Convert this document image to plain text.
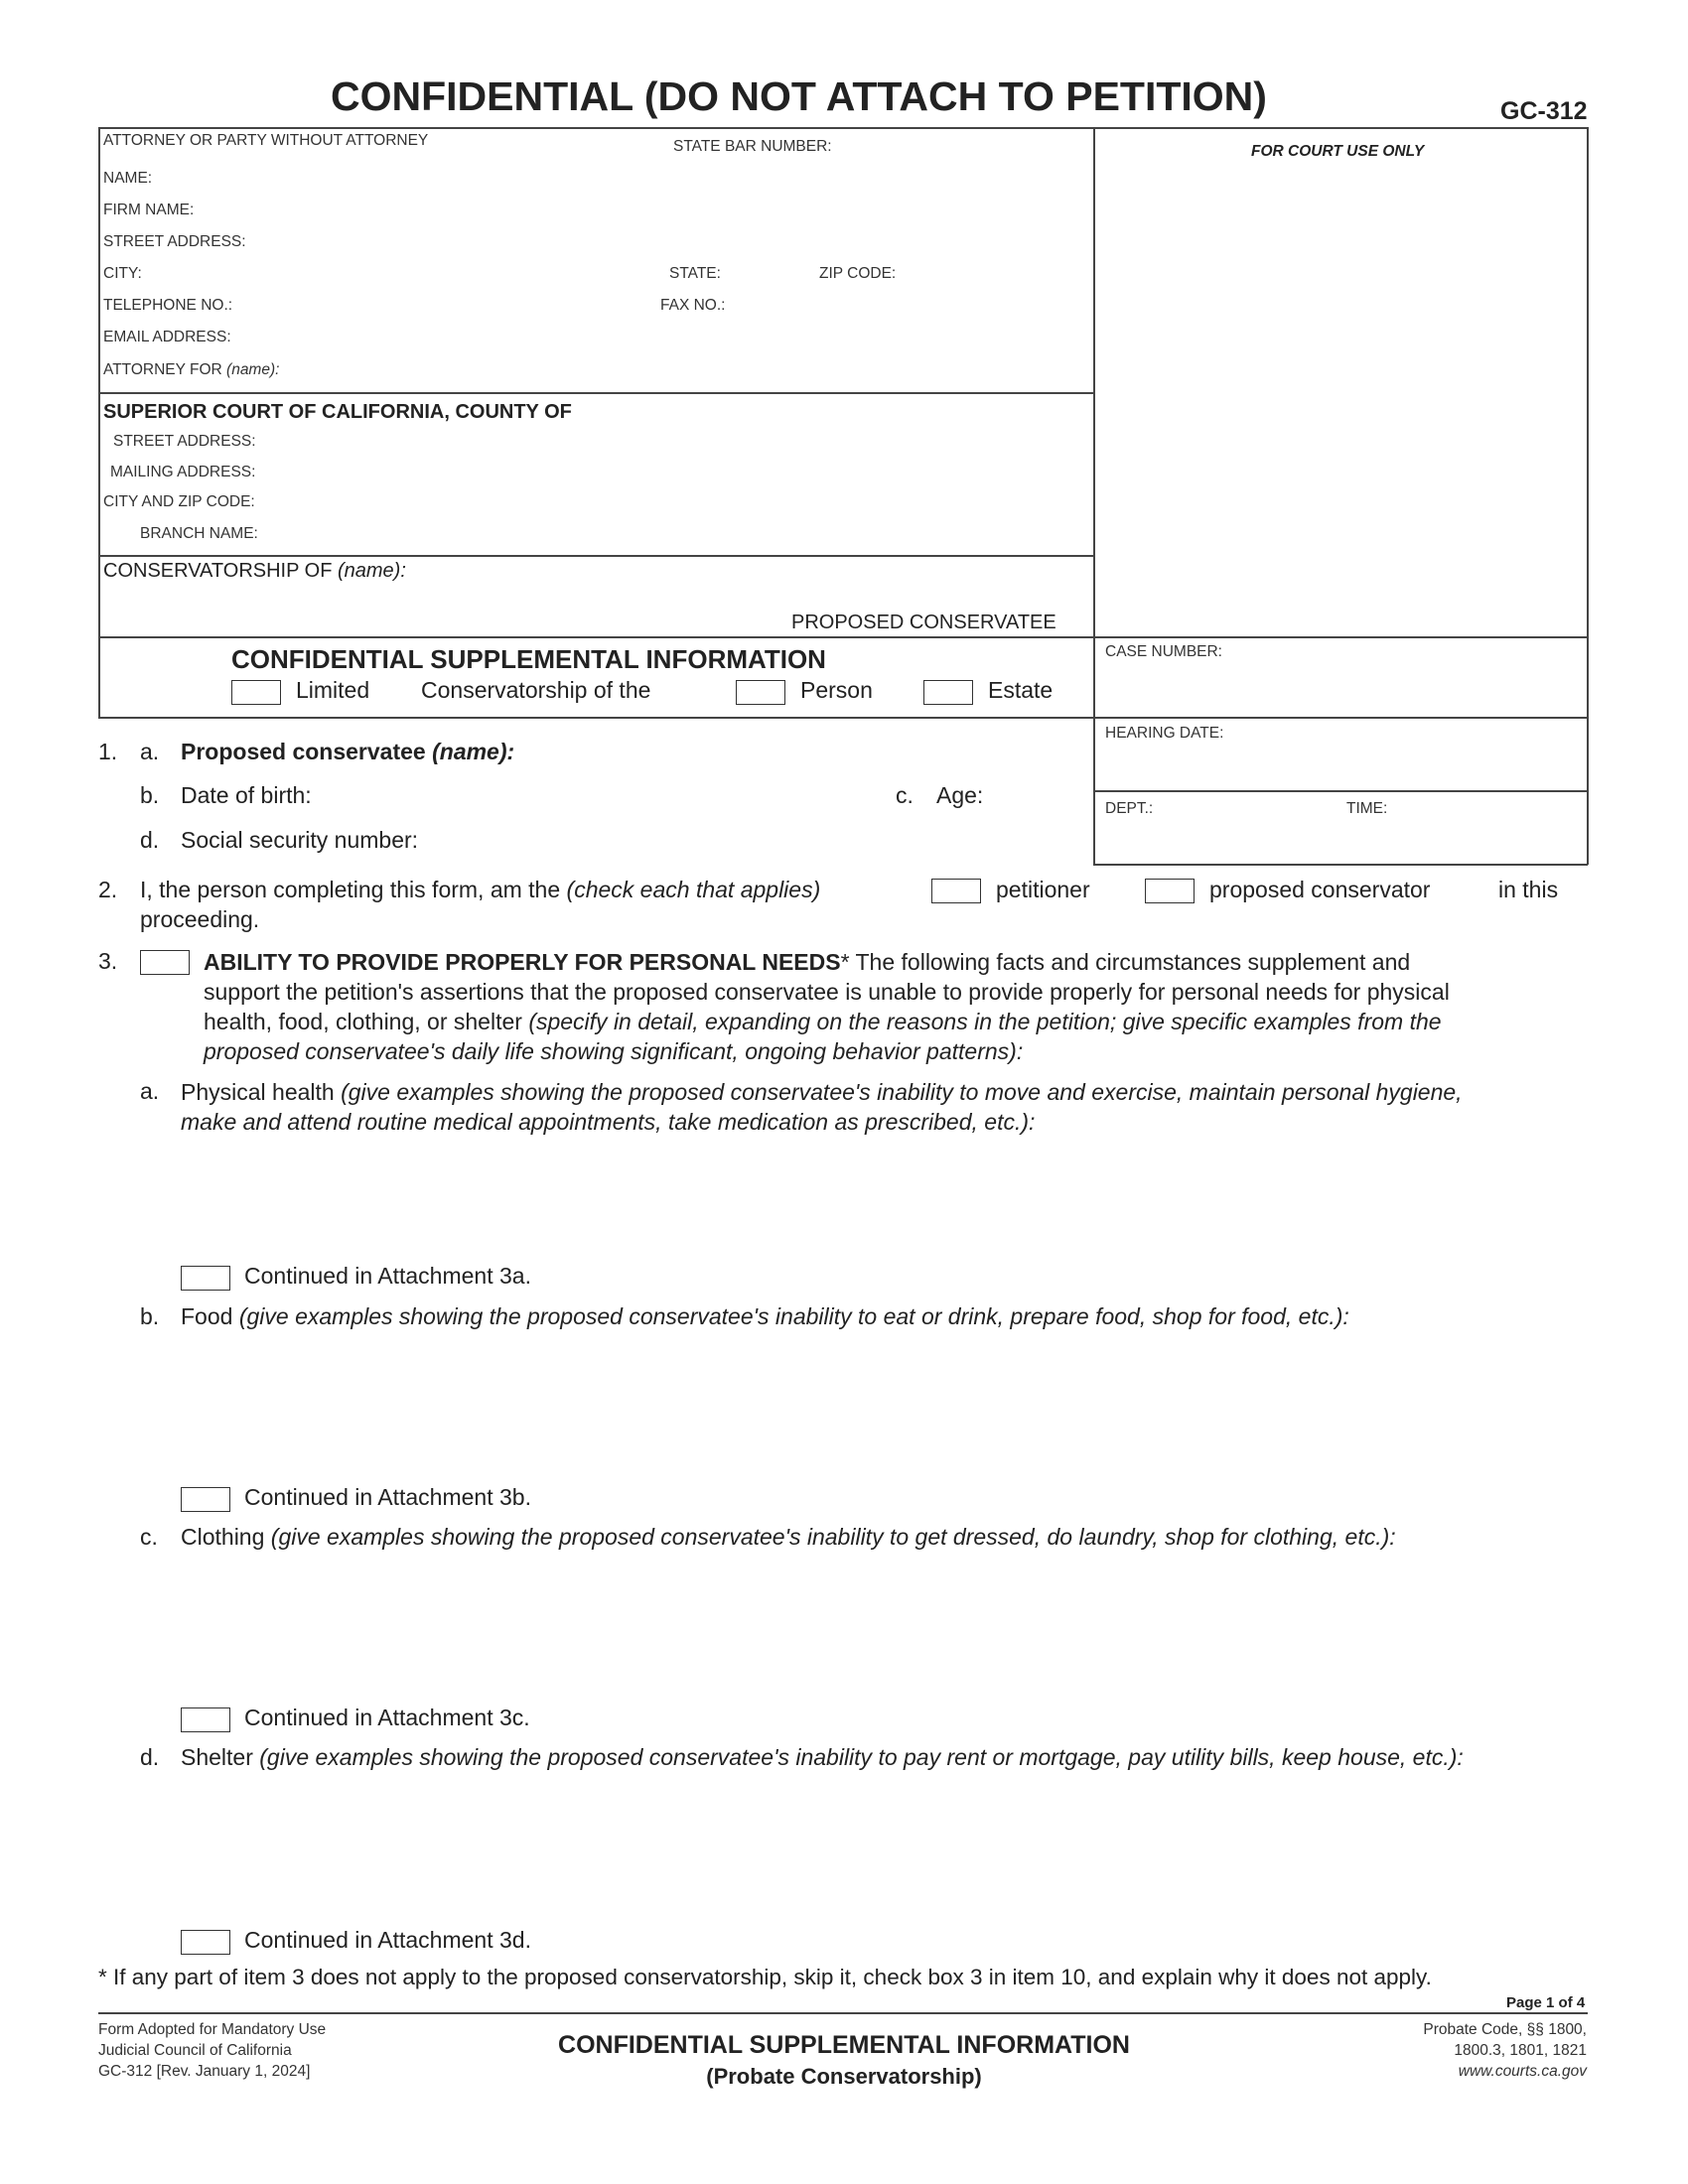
CONFIDENTIAL (DO NOT ATTACH TO PETITION)	GC-312
ATTORNEY OR PARTY WITHOUT ATTORNEY	STATE BAR NUMBER:
NAME:
FIRM NAME:
STREET ADDRESS:
CITY:	STATE:	ZIP CODE:
TELEPHONE NO.:	FAX NO.:
EMAIL ADDRESS:
ATTORNEY FOR (name):
SUPERIOR COURT OF CALIFORNIA, COUNTY OF
STREET ADDRESS:
MAILING ADDRESS:
CITY AND ZIP CODE:
BRANCH NAME:
CONSERVATORSHIP OF (name):
PROPOSED CONSERVATEE
CONFIDENTIAL SUPPLEMENTAL INFORMATION
Limited Conservatorship of the	Person	Estate
FOR COURT USE ONLY
CASE NUMBER:
HEARING DATE:
DEPT.:	TIME:
1. a. Proposed conservatee (name):
b. Date of birth:	c. Age:
d. Social security number:
2. I, the person completing this form, am the (check each that applies)	petitioner	proposed conservator	in this
proceeding.
3.	ABILITY TO PROVIDE PROPERLY FOR PERSONAL NEEDS* The following facts and circumstances supplement and
support the petition's assertions that the proposed conservatee is unable to provide properly for personal needs for physical
health, food, clothing, or shelter (specify in detail, expanding on the reasons in the petition; give specific examples from the
proposed conservatee's daily life showing significant, ongoing behavior patterns):
a. Physical health (give examples showing the proposed conservatee's inability to move and exercise, maintain personal hygiene,
make and attend routine medical appointments, take medication as prescribed, etc.):
Continued in Attachment 3a.
b. Food (give examples showing the proposed conservatee's inability to eat or drink, prepare food, shop for food, etc.):
Continued in Attachment 3b.
c. Clothing (give examples showing the proposed conservatee's inability to get dressed, do laundry, shop for clothing, etc.):
Continued in Attachment 3c.
d. Shelter (give examples showing the proposed conservatee's inability to pay rent or mortgage, pay utility bills, keep house, etc.):
Continued in Attachment 3d.
* If any part of item 3 does not apply to the proposed conservatorship, skip it, check box 3 in item 10, and explain why it does not apply.
Page 1 of 4
Form Adopted for Mandatory Use
Judicial Council of California
GC-312 [Rev. January 1, 2024]
CONFIDENTIAL SUPPLEMENTAL INFORMATION
(Probate Conservatorship)
Probate Code, §§ 1800,
1800.3, 1801, 1821
www.courts.ca.gov
